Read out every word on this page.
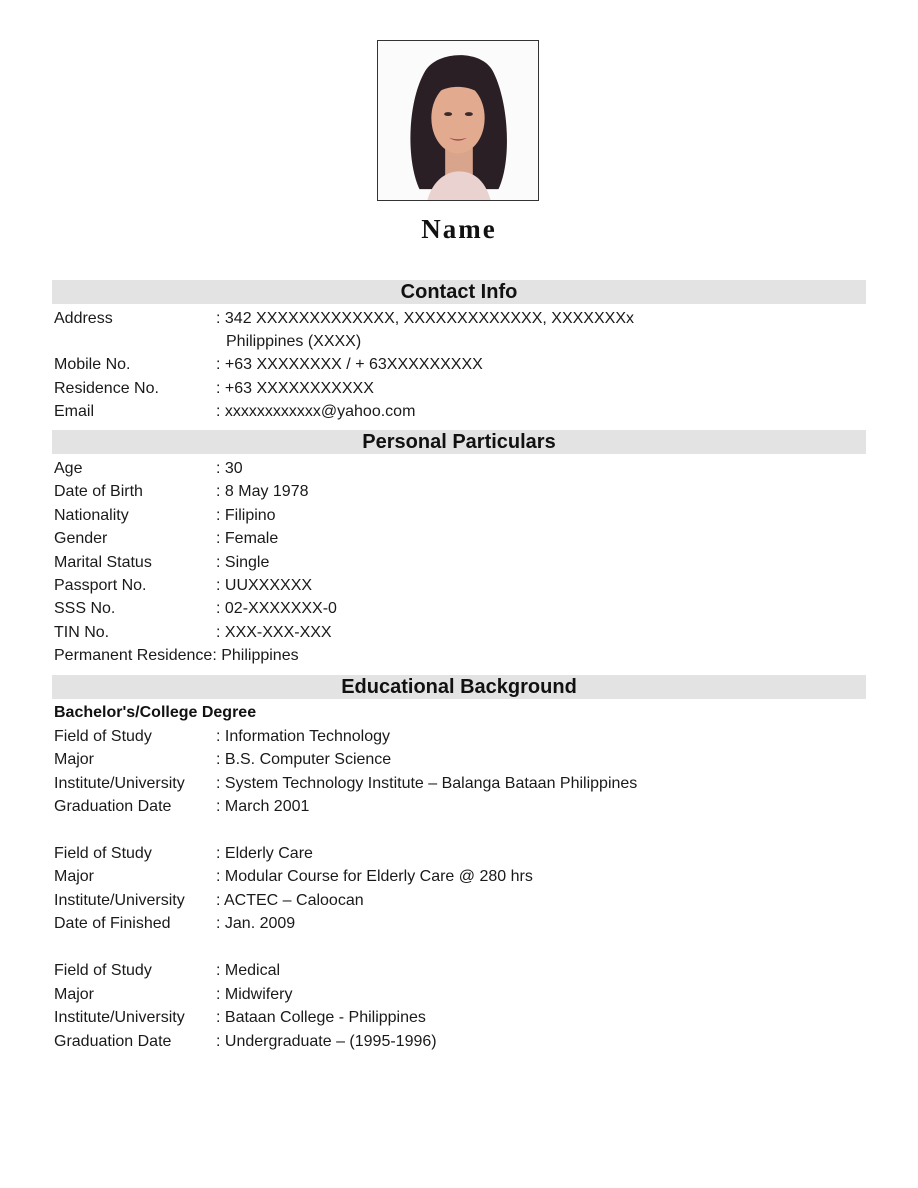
Name
Contact Info
Address	: 342 XXXXXXXXXXXXX, XXXXXXXXXXXXX, XXXXXXXx
Philippines (XXXX)
Mobile No.	: +63 XXXXXXXX / + 63XXXXXXXXX
Residence No.	: +63 XXXXXXXXXXX
Email	: xxxxxxxxxxxx@yahoo.com
Personal Particulars
Age	: 30
Date of Birth	: 8 May 1978
Nationality	: Filipino
Gender	: Female
Marital Status	: Single
Passport No.	: UUXXXXXX
SSS No.	: 02-XXXXXXX-0
TIN No.	: XXX-XXX-XXX
Permanent Residence: Philippines
Educational Background
Bachelor's/College Degree
Field of Study	: Information Technology
Major	: B.S. Computer Science
Institute/University : System Technology Institute – Balanga Bataan Philippines
Graduation Date	: March 2001
Field of Study	: Elderly Care
Major	: Modular Course for Elderly Care @ 280 hrs
Institute/University : ACTEC – Caloocan
Date of Finished	: Jan. 2009
Field of Study	: Medical
Major	: Midwifery
Institute/University : Bataan College - Philippines
Graduation Date	: Undergraduate – (1995-1996)
